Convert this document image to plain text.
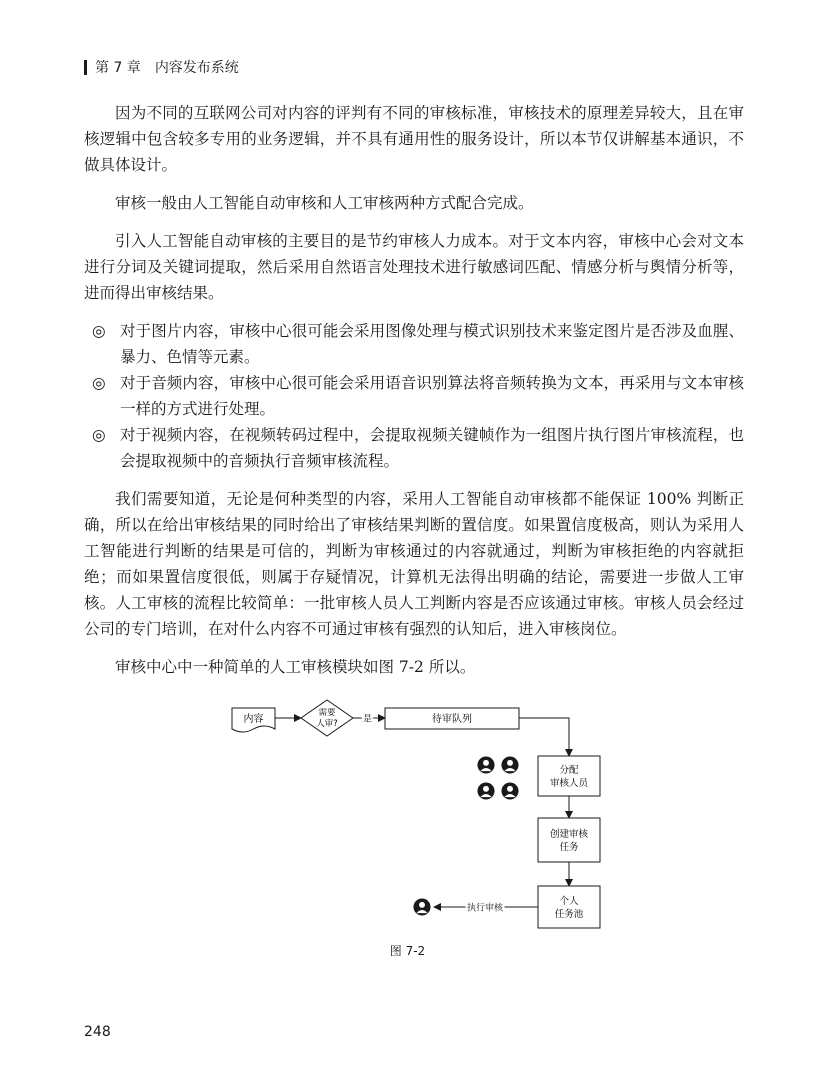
第 7 章 内容发布系统

因为不同的互联网公司对内容的评判有不同的审核标准，审核技术的原理差异较大，且在审核逻辑中包含较多专用的业务逻辑，并不具有通用性的服务设计，所以本节仅讲解基本通识，不做具体设计。

审核一般由人工智能自动审核和人工审核两种方式配合完成。

引入人工智能自动审核的主要目的是节约审核人力成本。对于文本内容，审核中心会对文本进行分词及关键词提取，然后采用自然语言处理技术进行敏感词匹配、情感分析与舆情分析等，进而得出审核结果。

◎ 对于图片内容，审核中心很可能会采用图像处理与模式识别技术来鉴定图片是否涉及血腥、暴力、色情等元素。
◎ 对于音频内容，审核中心很可能会采用语音识别算法将音频转换为文本，再采用与文本审核一样的方式进行处理。
◎ 对于视频内容，在视频转码过程中，会提取视频关键帧作为一组图片执行图片审核流程，也会提取视频中的音频执行音频审核流程。

我们需要知道，无论是何种类型的内容，采用人工智能自动审核都不能保证 100% 判断正确，所以在给出审核结果的同时给出了审核结果判断的置信度。如果置信度极高，则认为采用人工智能进行判断的结果是可信的，判断为审核通过的内容就通过，判断为审核拒绝的内容就拒绝；而如果置信度很低，则属于存疑情况，计算机无法得出明确的结论，需要进一步做人工审核。人工审核的流程比较简单：一批审核人员人工判断内容是否应该通过审核。审核人员会经过公司的专门培训，在对什么内容不可通过审核有强烈的认知后，进入审核岗位。

审核中心中一种简单的人工审核模块如图 7-2 所以。

内容
需要
人审?	是	待审队列
分配
审核人员
创建审核
任务
个人
任务池
执行审核
图 7-2
248
